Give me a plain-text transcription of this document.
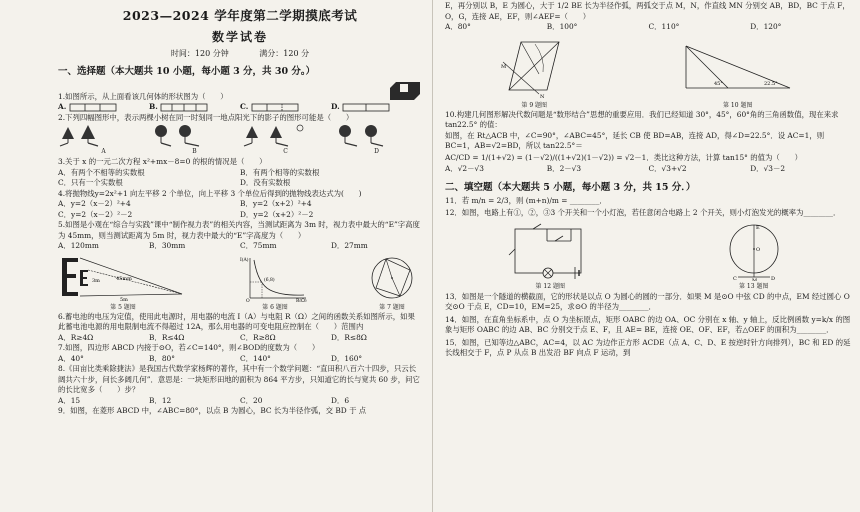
2023—2024 学年度第二学期摸底考试
数学试卷
时间：120 分钟	满分：120 分
一、选择题（本大题共 10 小题，每小题 3 分，共 30 分。）

1.如图所示，从上面看该几何体的形状图为（　　）

A.	B.	C.	D.

2.下列四幅图形中，表示两棵小树在同一时刻同一地点阳光下的影子的图形可能是（　　）

A	B	C	D

3.关于 x 的一元二次方程 x²+mx－8=0 的根的情况是（　　）

A．有两个不相等的实数根	B．有两个相等的实数根
C．只有一个实数根	D．没有实数根

4.将抛物线y=2x²+1 向左平移 2 个单位，向上平移 3 个单位后得到的抛物线表达式为(　　)

A．y=2（x－2）²+4	B．y=2（x+2）²+4
C．y=2（x－2）²－2	D．y=2（x+2）²－2

5.如图是小观在“综合与实践”课中“制作视力表”的相关内容，当测试距离为 3m 时，视力表中最大的“E”字高度为 45mm，则当测试距离为 5m 时，视力表中最大的“E”字高度为（　　）

A．120mm	B．30mm	C．75mm	D．27mm
3m	45mm
5m
第 5 题图
I(A)
R(Ω)
O
(6,8)
第 6 题图	第 7 题图

6.蓄电池的电压为定值，使用此电源时，用电器的电流 I（A）与电阻 R（Ω）之间的函数关系如图所示，如果此蓄电池电源的用电限制电流不得超过 12A，那么用电器的可变电阻应控制在（　　）范围内

A．R≥4Ω	B．R≤4Ω	C．R≥8Ω	D．R≤8Ω

7.如图，四边形 ABCD 内接于⊙O，若∠C=140°，则∠BOD的度数为（　　）

A．40°	B．80°	C．140°	D．160°

8.《田亩比类乘除捷法》是我国古代数学家杨辉的著作，其中有一个数学问题：“直田积八百六十四步，只云长阔共六十步，问长多阔几何”．意思是：一块矩形田地的面积为 864 平方步，只知道它的长与宽共 60 步，问它的长比宽多（　　）步？

A．15	B．12	C．20	D．6

9．如图，在菱形 ABCD 中，∠ABC=80°，以点 B 为圆心，BC 长为半径作弧，交 BD 于 点

E，再分别以 B，E 为圆心，大于 1/2 BE 长为半径作弧，两弧交于点 M，N，作直线 MN 分别交 AB，BD，BC 于点 F，O，G，连接 AE，EF，则∠AEF=（　　）

A．80°	B．100°	C．110°	D．120°
M
N
第 9 题图
45°	22.5°
第 10 题图

10.构建几何图形解决代数问题是“数形结合”思想的重要应用．我们已经知道 30°，45°，60°角的三角函数值，现在来求 tan22.5° 的值：

如图，在 Rt△ACB 中，∠C=90°，∠ABC=45°，延长 CB 使 BD=AB，连接 AD，得∠D=22.5°．设 AC=1，则 BC=1，AB=√2=BD，所以 tan22.5°＝

AC/CD = 1/(1+√2) = (1－√2)/((1+√2)(1－√2)) = √2－1．类比这种方法，计算 tan15° 的值为（　　）

A．√2－√3	B．2－√3	C．√3+√2	D．√3－2
二、填空题（本大题共 5 小题，每小题 3 分，共 15 分．）

11．若 m/n = 2/3，则 (m+n)/m = ________．

12．如图，电路上有①，②，③3 个开关和一个小灯泡，若任意闭合电路上 2 个开关，则小灯泡发光的概率为________．

第 12 题图
E
O
C	M	D
第 13 题图

13．如图是一个隧道的横截面，它的形状是以点 O 为圆心的圆的一部分．如果 M 是⊙O 中弦 CD 的中点，EM 经过圆心 O 交⊙O 于点 E，CD=10，EM=25，求⊙O 的半径为________．

14．如图，在直角坐标系中，点 O 为坐标原点，矩形 OABC 的边 OA、OC 分别在 x 轴、y 轴上，反比例函数 y=k/x 的图象与矩形 OABC 的边 AB、BC 分别交于点 E、F，且 AE= BE，连接 OE、OF、EF，若△OEF 的面积为________．

15．如图，已知等边△ABC，AC=4，以 AC 为边作正方形 ACDE（点 A、C、D、E 按逆时针方向排列），BC 和 ED 的延长线相交于 F，点 P 从点 B 出发沿 BF 向点 F 运动，到
